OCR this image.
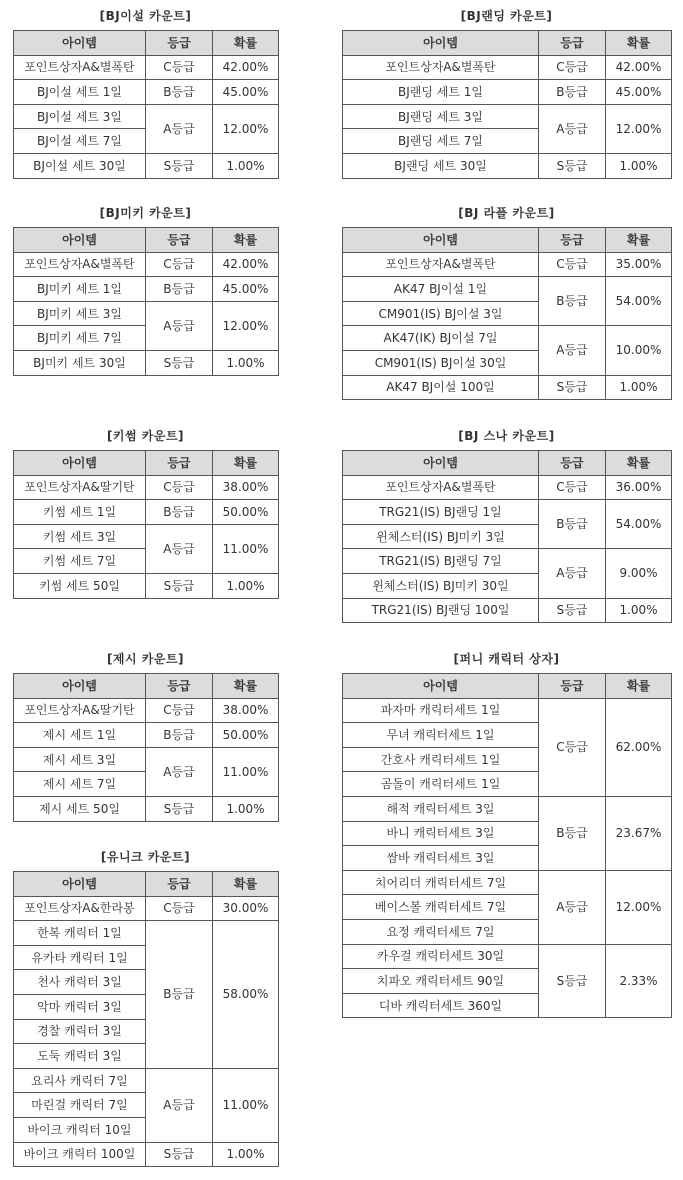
[BJ이설 카운트]
아이템	등급	확률
포인트상자A&별폭탄	C등급	42.00%
BJ이설 세트 1일	B등급	45.00%
BJ이설 세트 3일	A등급	12.00%
BJ이설 세트 7일		
BJ이설 세트 30일	S등급	1.00%
[BJ랜딩 카운트]
아이템	등급	확률
포인트상자A&별폭탄	C등급	42.00%
BJ랜딩 세트 1일	B등급	45.00%
BJ랜딩 세트 3일	A등급	12.00%
BJ랜딩 세트 7일		
BJ랜딩 세트 30일	S등급	1.00%
[BJ미키 카운트]
아이템	등급	확률
포인트상자A&별폭탄	C등급	42.00%
BJ미키 세트 1일	B등급	45.00%
BJ미키 세트 3일	A등급	12.00%
BJ미키 세트 7일		
BJ미키 세트 30일	S등급	1.00%
[BJ 라플 카운트]
아이템	등급	확률
포인트상자A&별폭탄	C등급	35.00%
AK47 BJ이설 1일	B등급	54.00%
CM901(IS) BJ이설 3일		
AK47(IK) BJ이설 7일	A등급	10.00%
CM901(IS) BJ이설 30일		
AK47 BJ이설 100일	S등급	1.00%
[키썸 카운트]
아이템	등급	확률
포인트상자A&딸기탄	C등급	38.00%
키썸 세트 1일	B등급	50.00%
키썸 세트 3일	A등급	11.00%
키썸 세트 7일		
키썸 세트 50일	S등급	1.00%
[BJ 스나 카운트]
아이템	등급	확률
포인트상자A&별폭탄	C등급	36.00%
TRG21(IS) BJ랜딩 1일	B등급	54.00%
윈체스터(IS) BJ미키 3일		
TRG21(IS) BJ랜딩 7일	A등급	9.00%
윈체스터(IS) BJ미키 30일		
TRG21(IS) BJ랜딩 100일	S등급	1.00%
[제시 카운트]
아이템	등급	확률
포인트상자A&딸기탄	C등급	38.00%
제시 세트 1일	B등급	50.00%
제시 세트 3일	A등급	11.00%
제시 세트 7일		
제시 세트 50일	S등급	1.00%
[퍼니 캐릭터 상자]
아이템	등급	확률
파자마 캐릭터세트 1일	C등급	62.00%
무녀 캐릭터세트 1일		
간호사 캐릭터세트 1일		
곰돌이 캐릭터세트 1일		
해적 캐릭터세트 3일	B등급	23.67%
바니 캐릭터세트 3일		
쌈바 캐릭터세트 3일		
치어리더 캐릭터세트 7일	A등급	12.00%
베이스볼 캐릭터세트 7일		
요정 캐릭터세트 7일		
카우걸 캐릭터세트 30일	S등급	2.33%
치파오 캐릭터세트 90일		
디바 캐릭터세트 360일		
[유니크 카운트]
아이템	등급	확률
포인트상자A&한라봉	C등급	30.00%
한복 캐릭터 1일	B등급	58.00%
유카타 캐릭터 1일		
천사 캐릭터 3일		
악마 캐릭터 3일		
경찰 캐릭터 3일		
도둑 캐릭터 3일		
요리사 캐릭터 7일	A등급	11.00%
마린걸 캐릭터 7일		
바이크 캐릭터 10일		
바이크 캐릭터 100일	S등급	1.00%
